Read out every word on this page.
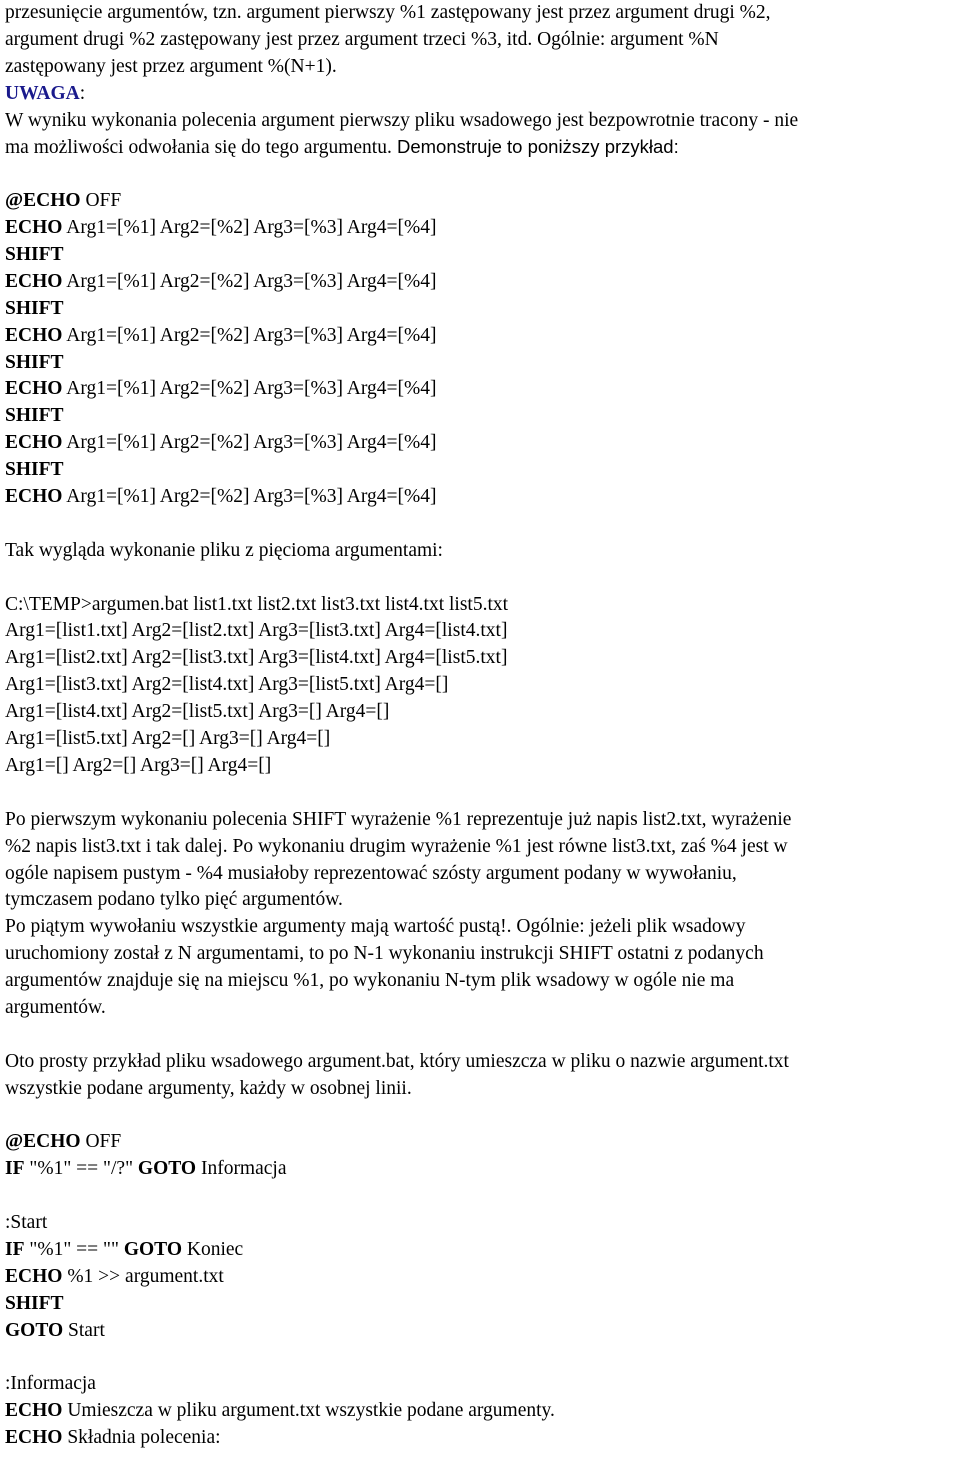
przesunięcie argumentów, tzn. argument pierwszy %1 zastępowany jest przez argument drugi %2,
argument drugi %2 zastępowany jest przez argument trzeci %3, itd. Ogólnie: argument %N
zastępowany jest przez argument %(N+1).
UWAGA:
W wyniku wykonania polecenia argument pierwszy pliku wsadowego jest bezpowrotnie tracony - nie
ma możliwości odwołania się do tego argumentu. Demonstruje to poniższy przykład:
@ECHO OFF
ECHO Arg1=[%1] Arg2=[%2] Arg3=[%3] Arg4=[%4]
SHIFT
ECHO Arg1=[%1] Arg2=[%2] Arg3=[%3] Arg4=[%4]
SHIFT
ECHO Arg1=[%1] Arg2=[%2] Arg3=[%3] Arg4=[%4]
SHIFT
ECHO Arg1=[%1] Arg2=[%2] Arg3=[%3] Arg4=[%4]
SHIFT
ECHO Arg1=[%1] Arg2=[%2] Arg3=[%3] Arg4=[%4]
SHIFT
ECHO Arg1=[%1] Arg2=[%2] Arg3=[%3] Arg4=[%4]
Tak wygląda wykonanie pliku z pięcioma argumentami:
C:\TEMP>argumen.bat list1.txt list2.txt list3.txt list4.txt list5.txt
Arg1=[list1.txt] Arg2=[list2.txt] Arg3=[list3.txt] Arg4=[list4.txt]
Arg1=[list2.txt] Arg2=[list3.txt] Arg3=[list4.txt] Arg4=[list5.txt]
Arg1=[list3.txt] Arg2=[list4.txt] Arg3=[list5.txt] Arg4=[]
Arg1=[list4.txt] Arg2=[list5.txt] Arg3=[] Arg4=[]
Arg1=[list5.txt] Arg2=[] Arg3=[] Arg4=[]
Arg1=[] Arg2=[] Arg3=[] Arg4=[]
Po pierwszym wykonaniu polecenia SHIFT wyrażenie %1 reprezentuje już napis list2.txt, wyrażenie
%2 napis list3.txt i tak dalej. Po wykonaniu drugim wyrażenie %1 jest równe list3.txt, zaś %4 jest w
ogóle napisem pustym - %4 musiałoby reprezentować szósty argument podany w wywołaniu,
tymczasem podano tylko pięć argumentów.
Po piątym wywołaniu wszystkie argumenty mają wartość pustą!. Ogólnie: jeżeli plik wsadowy
uruchomiony został z N argumentami, to po N-1 wykonaniu instrukcji SHIFT ostatni z podanych
argumentów znajduje się na miejscu %1, po wykonaniu N-tym plik wsadowy w ogóle nie ma
argumentów.
Oto prosty przykład pliku wsadowego argument.bat, który umieszcza w pliku o nazwie argument.txt
wszystkie podane argumenty, każdy w osobnej linii.
@ECHO OFF
IF "%1" == "/?" GOTO Informacja
:Start
IF "%1" == "" GOTO Koniec
ECHO %1 >> argument.txt
SHIFT
GOTO Start
:Informacja
ECHO Umieszcza w pliku argument.txt wszystkie podane argumenty.
ECHO Składnia polecenia:
